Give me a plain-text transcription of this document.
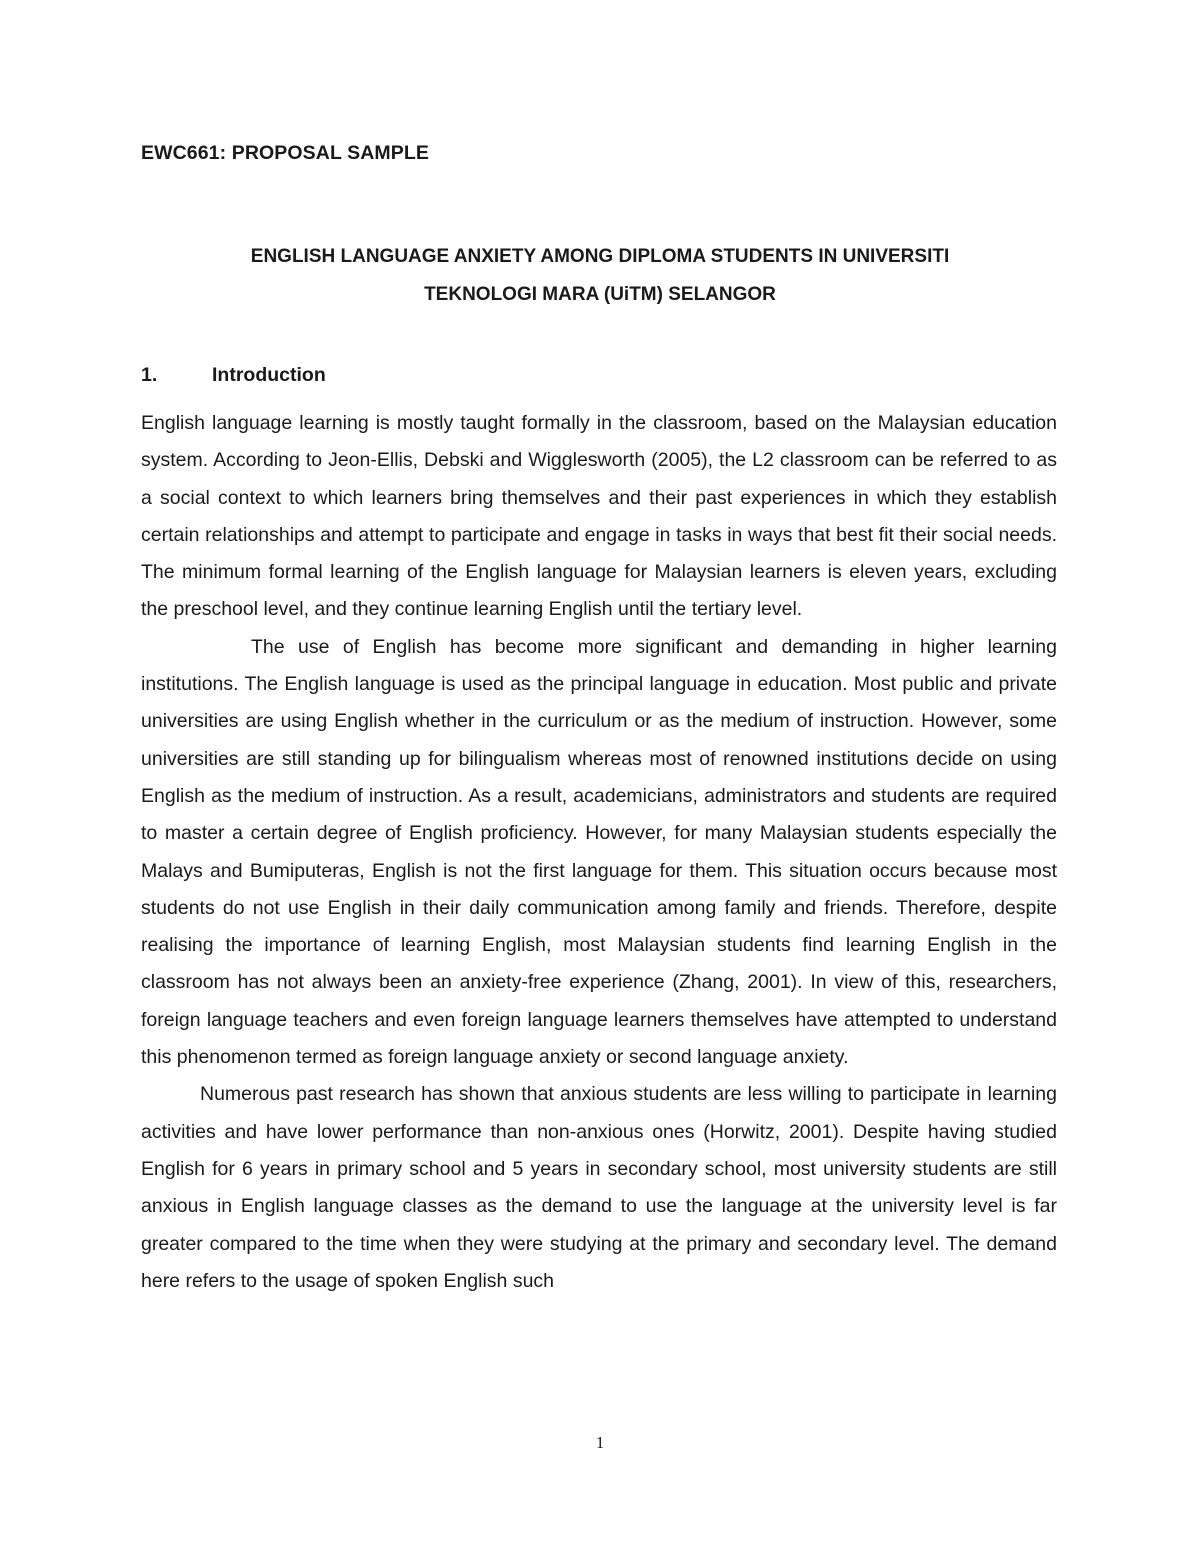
EWC661: PROPOSAL SAMPLE
ENGLISH LANGUAGE ANXIETY AMONG DIPLOMA STUDENTS IN UNIVERSITI
TEKNOLOGI MARA (UiTM) SELANGOR
1.	Introduction

English language learning is mostly taught formally in the classroom, based on the Malaysian education system. According to Jeon-Ellis, Debski and Wigglesworth (2005), the L2 classroom can be referred to as a social context to which learners bring themselves and their past experiences in which they establish certain relationships and attempt to participate and engage in tasks in ways that best fit their social needs. The minimum formal learning of the English language for Malaysian learners is eleven years, excluding the preschool level, and they continue learning English until the tertiary level.

The use of English has become more significant and demanding in higher learning institutions. The English language is used as the principal language in education. Most public and private universities are using English whether in the curriculum or as the medium of instruction. However, some universities are still standing up for bilingualism whereas most of renowned institutions decide on using English as the medium of instruction. As a result, academicians, administrators and students are required to master a certain degree of English proficiency. However, for many Malaysian students especially the Malays and Bumiputeras, English is not the first language for them. This situation occurs because most students do not use English in their daily communication among family and friends. Therefore, despite realising the importance of learning English, most Malaysian students find learning English in the classroom has not always been an anxiety-free experience (Zhang, 2001). In view of this, researchers, foreign language teachers and even foreign language learners themselves have attempted to understand this phenomenon termed as foreign language anxiety or second language anxiety.

Numerous past research has shown that anxious students are less willing to participate in learning activities and have lower performance than non-anxious ones (Horwitz, 2001). Despite having studied English for 6 years in primary school and 5 years in secondary school, most university students are still anxious in English language classes as the demand to use the language at the university level is far greater compared to the time when they were studying at the primary and secondary level. The demand here refers to the usage of spoken English such

1
